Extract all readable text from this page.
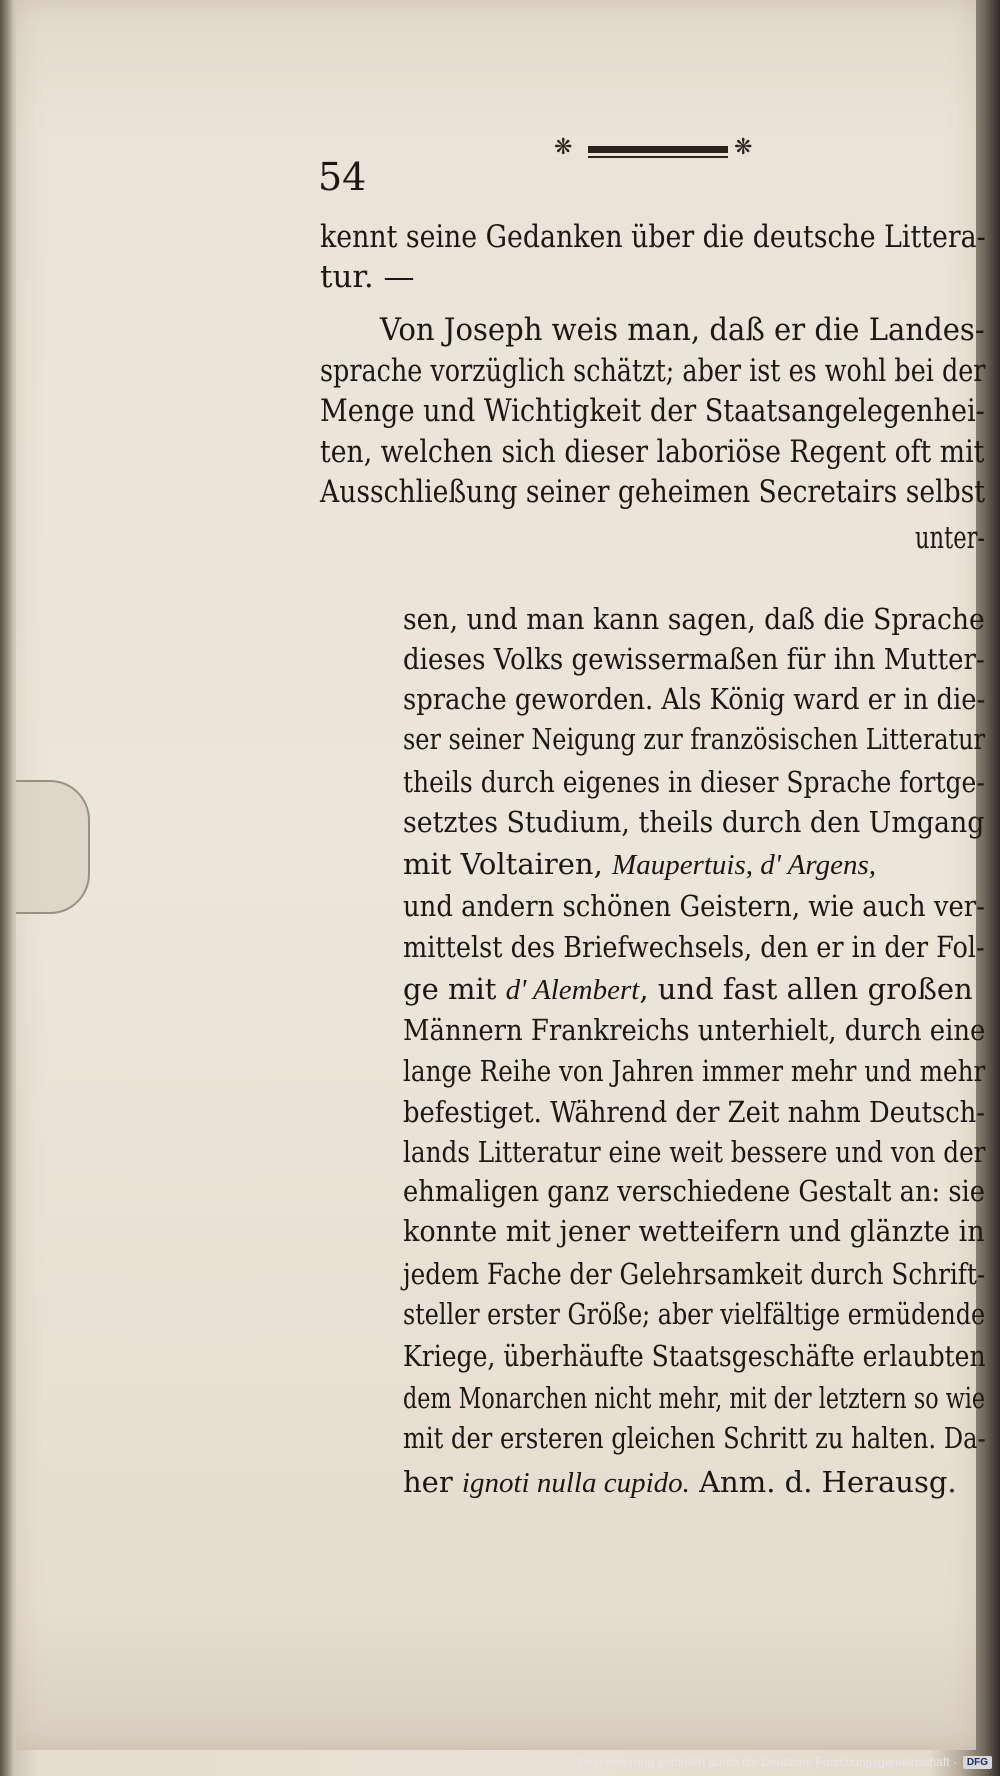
54
❋	❋
kennt seine Gedanken über die deutsche Littera-
tur. —
Von Joseph weis man, daß er die Landes-
sprache vorzüglich schätzt; aber ist es wohl bei der
Menge und Wichtigkeit der Staatsangelegenhei-
ten, welchen sich dieser laboriöse Regent oft mit
Ausschließung seiner geheimen Secretairs selbst
unter-
sen, und man kann sagen, daß die Sprache
dieses Volks gewissermaßen für ihn Mutter-
sprache geworden. Als König ward er in die-
ser seiner Neigung zur französischen Litteratur
theils durch eigenes in dieser Sprache fortge-
setztes Studium, theils durch den Umgang
mit Voltairen, Maupertuis, d' Argens,
und andern schönen Geistern, wie auch ver-
mittelst des Briefwechsels, den er in der Fol-
ge mit d' Alembert, und fast allen großen
Männern Frankreichs unterhielt, durch eine
lange Reihe von Jahren immer mehr und mehr
befestiget. Während der Zeit nahm Deutsch-
lands Litteratur eine weit bessere und von der
ehmaligen ganz verschiedene Gestalt an: sie
konnte mit jener wetteifern und glänzte in
jedem Fache der Gelehrsamkeit durch Schrift-
steller erster Größe; aber vielfältige ermüdende
Kriege, überhäufte Staatsgeschäfte erlaubten
dem Monarchen nicht mehr, mit der letztern so wie
mit der ersteren gleichen Schritt zu halten. Da-
her ignoti nulla cupido. Anm. d. Herausg.
Digitalisierung gefördert durch die Deutsche Forschungsgemeinschaft ·	DFG
